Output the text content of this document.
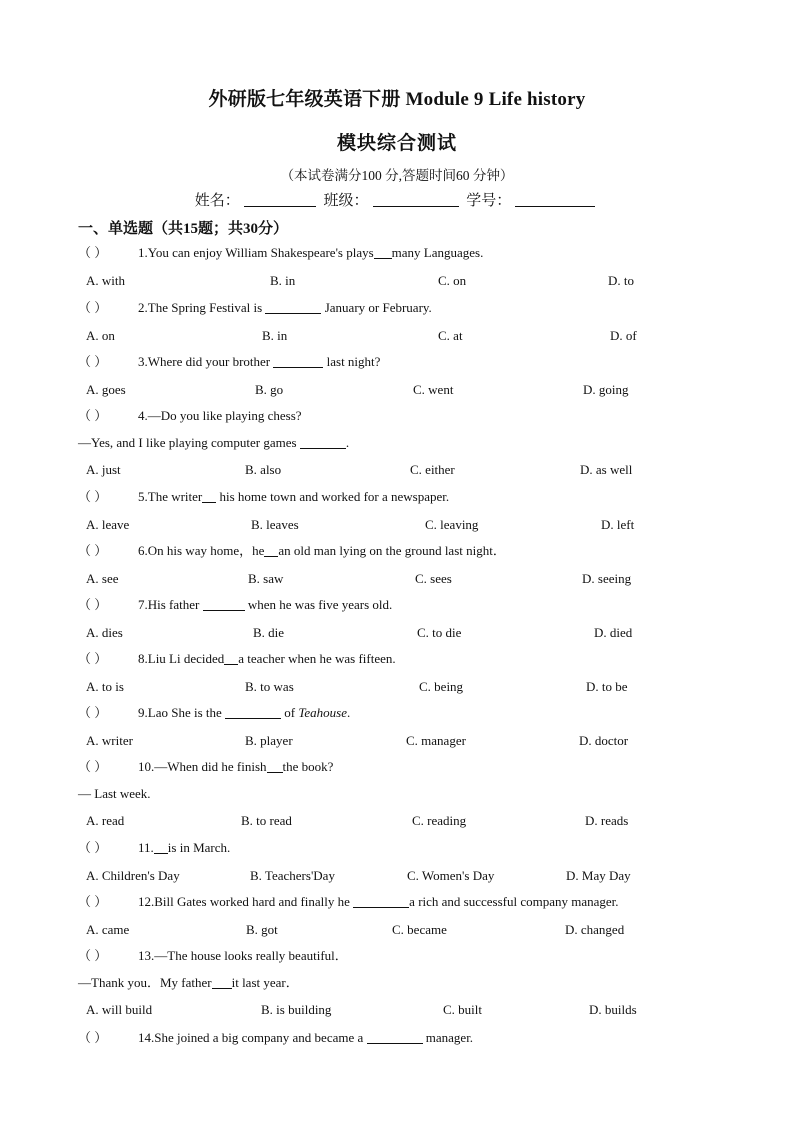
外研版七年级英语下册 Module 9 Life history
模块综合测试
（本试卷满分100 分,答题时间60 分钟）
姓名：	班级：	学号：
一、单选题（共15题；共30分）
（ ） 1.You can enjoy William Shakespeare's plays many Languages.
A. with	B. in	C. on	D. to
（ ） 2.The Spring Festival is	January or February.
A. on	B. in	C. at	D. of
（ ） 3.Where did your brother	last night?
A. goes	B. go	C. went	D. going
（ ） 4.—Do you like playing chess?
—Yes, and I like playing computer games	.
A. just	B. also	C. either	D. as well
（ ） 5.The writer his home town and worked for a newspaper.
A. leave	B. leaves	C. leaving	D. left
（ ） 6.On his way home，he an old man lying on the ground last night．
A. see	B. saw	C. sees	D. seeing
（ ） 7.His father	when he was five years old.
A. dies	B. die	C. to die	D. died
（ ） 8.Liu Li decided a teacher when he was fifteen.
A. to is	B. to was	C. being	D. to be
（ ） 9.Lao She is the	of Teahouse.
A. writer	B. player	C. manager	D. doctor
（ ） 10.—When did he finish the book?
— Last week.
A. read	B. to read	C. reading	D. reads
（ ） 11. is in March.
A. Children's Day	B. Teachers'Day	C. Women's Day	D. May Day
（ ） 12.Bill Gates worked hard and finally he	a rich and successful company manager.
A. came	B. got	C. became	D. changed
（ ） 13.—The house looks really beautiful．
—Thank you．My father it last year．
A. will build	B. is building	C. built	D. builds
（ ） 14.She joined a big company and became a	manager.
